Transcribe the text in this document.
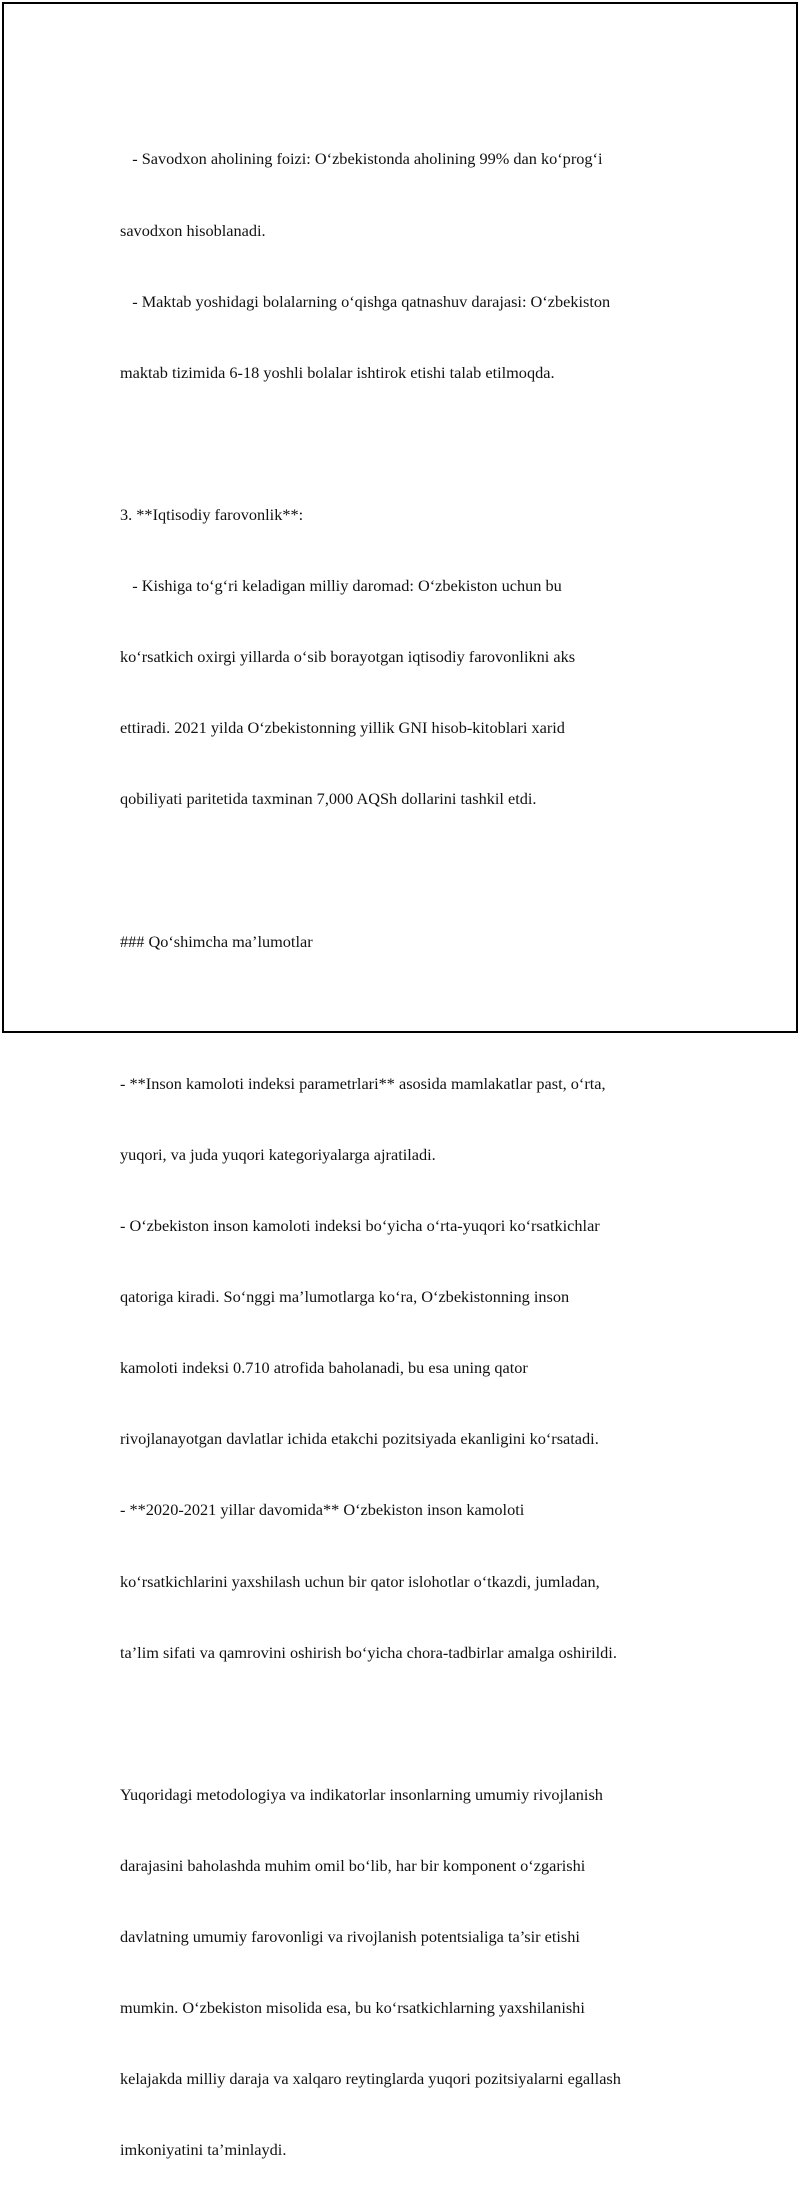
- Savodxon aholining foizi: O‘zbekistonda aholining 99% dan ko‘prog‘i

savodxon hisoblanadi.

- Maktab yoshidagi bolalarning o‘qishga qatnashuv darajasi: O‘zbekiston

maktab tizimida 6-18 yoshli bolalar ishtirok etishi talab etilmoqda.

3. **Iqtisodiy farovonlik**:

- Kishiga to‘g‘ri keladigan milliy daromad: O‘zbekiston uchun bu

ko‘rsatkich oxirgi yillarda o‘sib borayotgan iqtisodiy farovonlikni aks

ettiradi. 2021 yilda O‘zbekistonning yillik GNI hisob-kitoblari xarid

qobiliyati paritetida taxminan 7,000 AQSh dollarini tashkil etdi.

### Qo‘shimcha ma’lumotlar

- **Inson kamoloti indeksi parametrlari** asosida mamlakatlar past, o‘rta,

yuqori, va juda yuqori kategoriyalarga ajratiladi.

- O‘zbekiston inson kamoloti indeksi bo‘yicha o‘rta-yuqori ko‘rsatkichlar

qatoriga kiradi. So‘nggi ma’lumotlarga ko‘ra, O‘zbekistonning inson

kamoloti indeksi 0.710 atrofida baholanadi, bu esa uning qator

rivojlanayotgan davlatlar ichida etakchi pozitsiyada ekanligini ko‘rsatadi.

- **2020-2021 yillar davomida** O‘zbekiston inson kamoloti

ko‘rsatkichlarini yaxshilash uchun bir qator islohotlar o‘tkazdi, jumladan,

ta’lim sifati va qamrovini oshirish bo‘yicha chora-tadbirlar amalga oshirildi.

Yuqoridagi metodologiya va indikatorlar insonlarning umumiy rivojlanish

darajasini baholashda muhim omil bo‘lib, har bir komponent o‘zgarishi

davlatning umumiy farovonligi va rivojlanish potentsialiga ta’sir etishi

mumkin. O‘zbekiston misolida esa, bu ko‘rsatkichlarning yaxshilanishi

kelajakda milliy daraja va xalqaro reytinglarda yuqori pozitsiyalarni egallash

imkoniyatini ta’minlaydi.
